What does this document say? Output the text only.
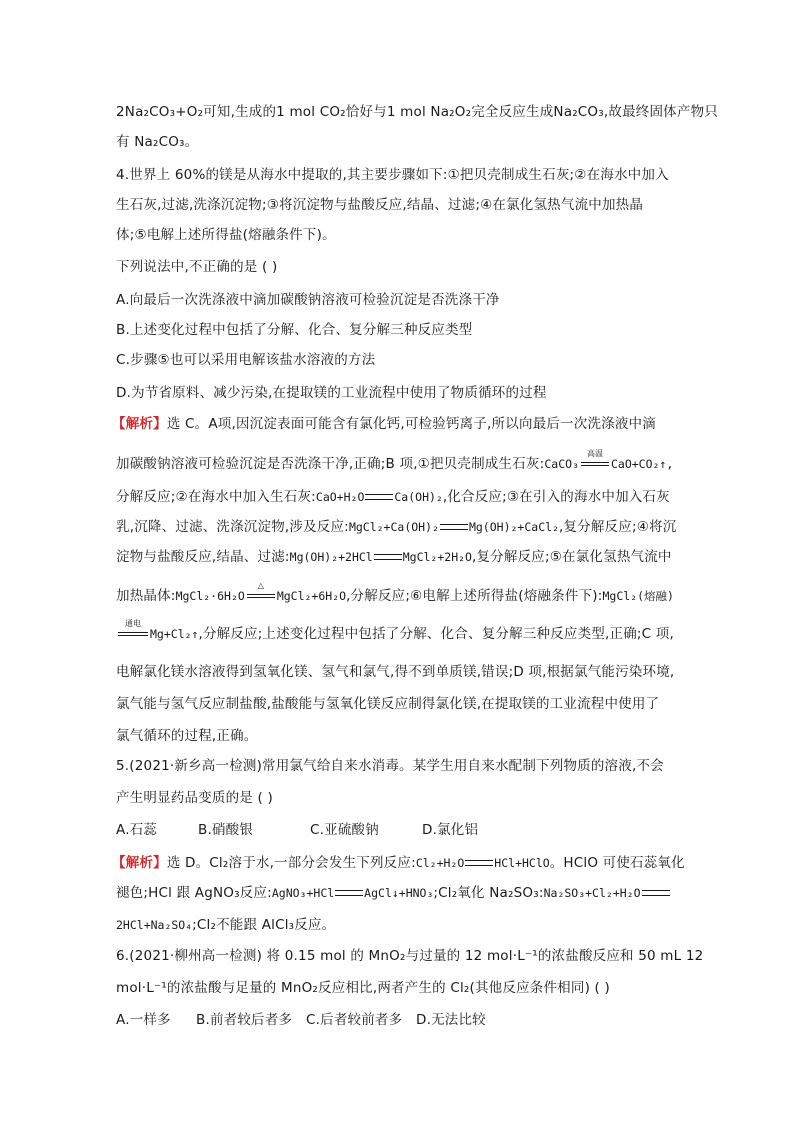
2Na₂CO₃+O₂可知,生成的1 mol CO₂恰好与1 mol Na₂O₂完全反应生成Na₂CO₃,故最终固体产物只
有 Na₂CO₃。
4.世界上 60%的镁是从海水中提取的,其主要步骤如下:①把贝壳制成生石灰;②在海水中加入
生石灰,过滤,洗涤沉淀物;③将沉淀物与盐酸反应,结晶、过滤;④在氯化氢热气流中加热晶
体;⑤电解上述所得盐(熔融条件下)。
下列说法中,不正确的是 ( )
A.向最后一次洗涤液中滴加碳酸钠溶液可检验沉淀是否洗涤干净
B.上述变化过程中包括了分解、化合、复分解三种反应类型
C.步骤⑤也可以采用电解该盐水溶液的方法
D.为节省原料、减少污染,在提取镁的工业流程中使用了物质循环的过程
【解析】选 C。A项,因沉淀表面可能含有氯化钙,可检验钙离子,所以向最后一次洗涤液中滴
加碳酸钠溶液可检验沉淀是否洗涤干净,正确;B 项,①把贝壳制成生石灰:CaCO₃
高温
CaO+CO₂↑,
分解反应;②在海水中加入生石灰:CaO+H₂O	Ca(OH)₂,化合反应;③在引入的海水中加入石灰
乳,沉降、过滤、洗涤沉淀物,涉及反应:MgCl₂+Ca(OH)₂	Mg(OH)₂+CaCl₂,复分解反应;④将沉
淀物与盐酸反应,结晶、过滤:Mg(OH)₂+2HCl	MgCl₂+2H₂O,复分解反应;⑤在氯化氢热气流中
加热晶体:MgCl₂·6H₂O
△
MgCl₂+6H₂O,分解反应;⑥电解上述所得盐(熔融条件下):MgCl₂(熔融)
通电
Mg+Cl₂↑,分解反应;上述变化过程中包括了分解、化合、复分解三种反应类型,正确;C 项,
电解氯化镁水溶液得到氢氧化镁、氢气和氯气,得不到单质镁,错误;D 项,根据氯气能污染环境,
氯气能与氢气反应制盐酸,盐酸能与氢氧化镁反应制得氯化镁,在提取镁的工业流程中使用了
氯气循环的过程,正确。
5.(2021·新乡高一检测)常用氯气给自来水消毒。某学生用自来水配制下列物质的溶液,不会
产生明显药品变质的是 ( )
A.石蕊	B.硝酸银	C.亚硫酸钠	D.氯化铝
【解析】选 D。Cl₂溶于水,一部分会发生下列反应:Cl₂+H₂O	HCl+HClO。HClO 可使石蕊氧化
褪色;HCl 跟 AgNO₃反应:AgNO₃+HCl	AgCl↓+HNO₃;Cl₂氧化 Na₂SO₃:Na₂SO₃+Cl₂+H₂O
2HCl+Na₂SO₄;Cl₂不能跟 AlCl₃反应。
6.(2021·柳州高一检测) 将 0.15 mol 的 MnO₂与过量的 12 mol·L⁻¹的浓盐酸反应和 50 mL 12
mol·L⁻¹的浓盐酸与足量的 MnO₂反应相比,两者产生的 Cl₂(其他反应条件相同) ( )
A.一样多 B.前者较后者多 C.后者较前者多 D.无法比较
